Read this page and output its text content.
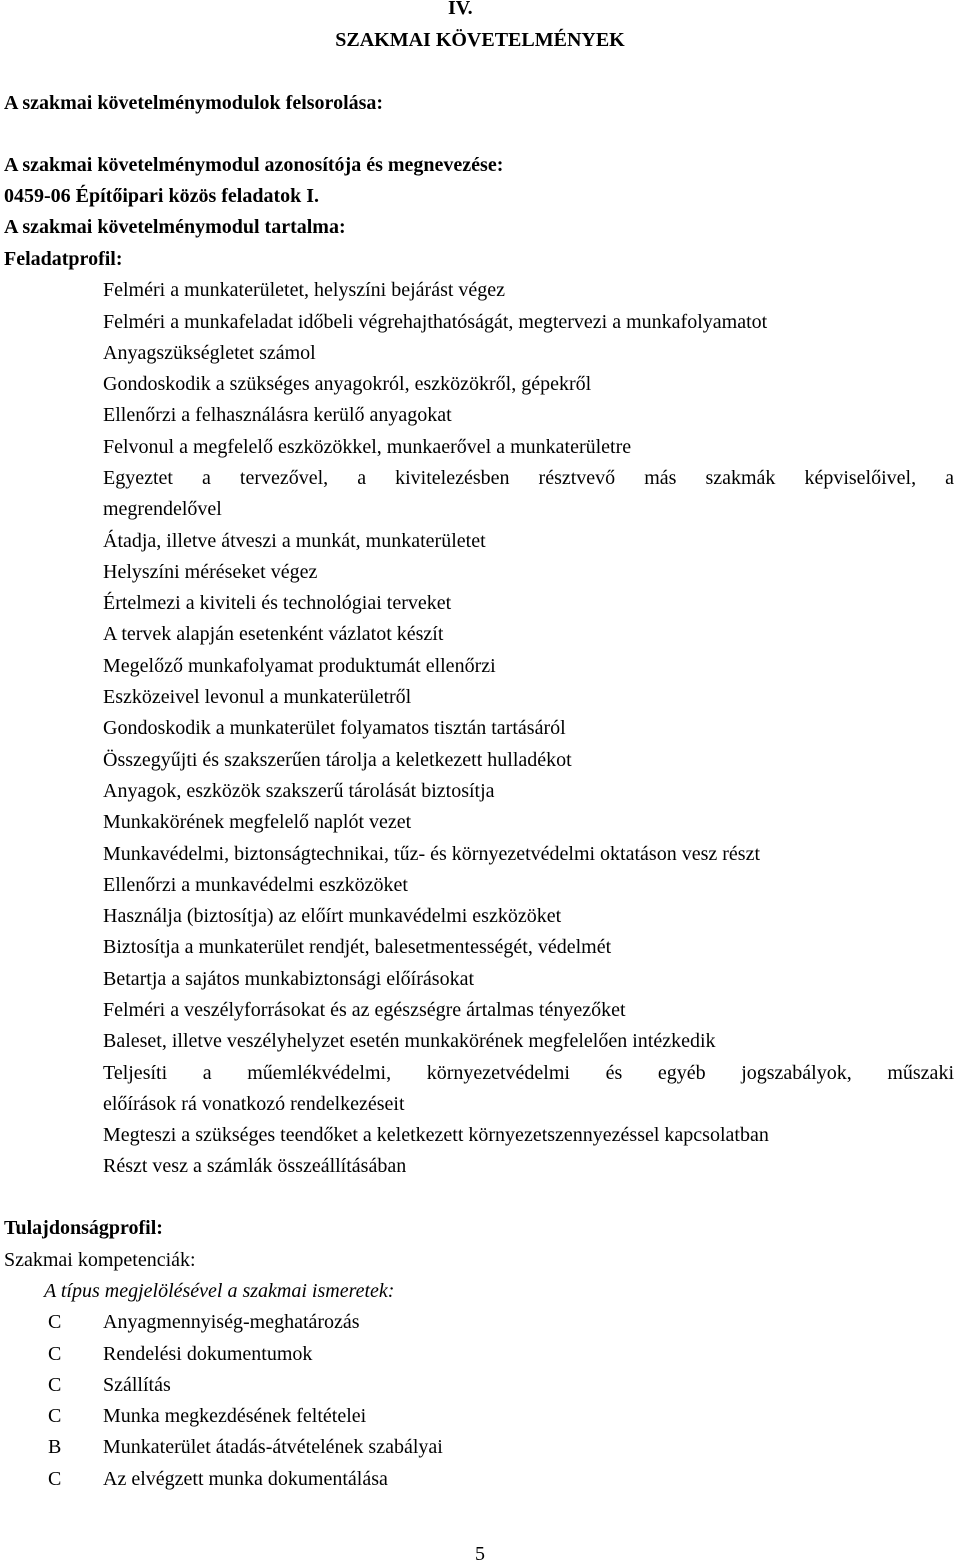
IV.
SZAKMAI KÖVETELMÉNYEK
A szakmai követelménymodulok felsorolása:
A szakmai követelménymodul azonosítója és megnevezése:
0459-06 Építőipari közös feladatok I.
A szakmai követelménymodul tartalma:
Feladatprofil:
Felméri a munkaterületet, helyszíni bejárást végez
Felméri a munkafeladat időbeli végrehajthatóságát, megtervezi a munkafolyamatot
Anyagszükségletet számol
Gondoskodik a szükséges anyagokról, eszközökről, gépekről
Ellenőrzi a felhasználásra kerülő anyagokat
Felvonul a megfelelő eszközökkel, munkaerővel a munkaterületre
Egyeztet a tervezővel, a kivitelezésben résztvevő más szakmák képviselőivel, a
megrendelővel
Átadja, illetve átveszi a munkát, munkaterületet
Helyszíni méréseket végez
Értelmezi a kiviteli és technológiai terveket
A tervek alapján esetenként vázlatot készít
Megelőző munkafolyamat produktumát ellenőrzi
Eszközeivel levonul a munkaterületről
Gondoskodik a munkaterület folyamatos tisztán tartásáról
Összegyűjti és szakszerűen tárolja a keletkezett hulladékot
Anyagok, eszközök szakszerű tárolását biztosítja
Munkakörének megfelelő naplót vezet
Munkavédelmi, biztonságtechnikai, tűz- és környezetvédelmi oktatáson vesz részt
Ellenőrzi a munkavédelmi eszközöket
Használja (biztosítja) az előírt munkavédelmi eszközöket
Biztosítja a munkaterület rendjét, balesetmentességét, védelmét
Betartja a sajátos munkabiztonsági előírásokat
Felméri a veszélyforrásokat és az egészségre ártalmas tényezőket
Baleset, illetve veszélyhelyzet esetén munkakörének megfelelően intézkedik
Teljesíti a műemlékvédelmi, környezetvédelmi és egyéb jogszabályok, műszaki
előírások rá vonatkozó rendelkezéseit
Megteszi a szükséges teendőket a keletkezett környezetszennyezéssel kapcsolatban
Részt vesz a számlák összeállításában
Tulajdonságprofil:
Szakmai kompetenciák:
A típus megjelölésével a szakmai ismeretek:
C Anyagmennyiség-meghatározás
C Rendelési dokumentumok
C Szállítás
C Munka megkezdésének feltételei
B Munkaterület átadás-átvételének szabályai
C Az elvégzett munka dokumentálása
5
